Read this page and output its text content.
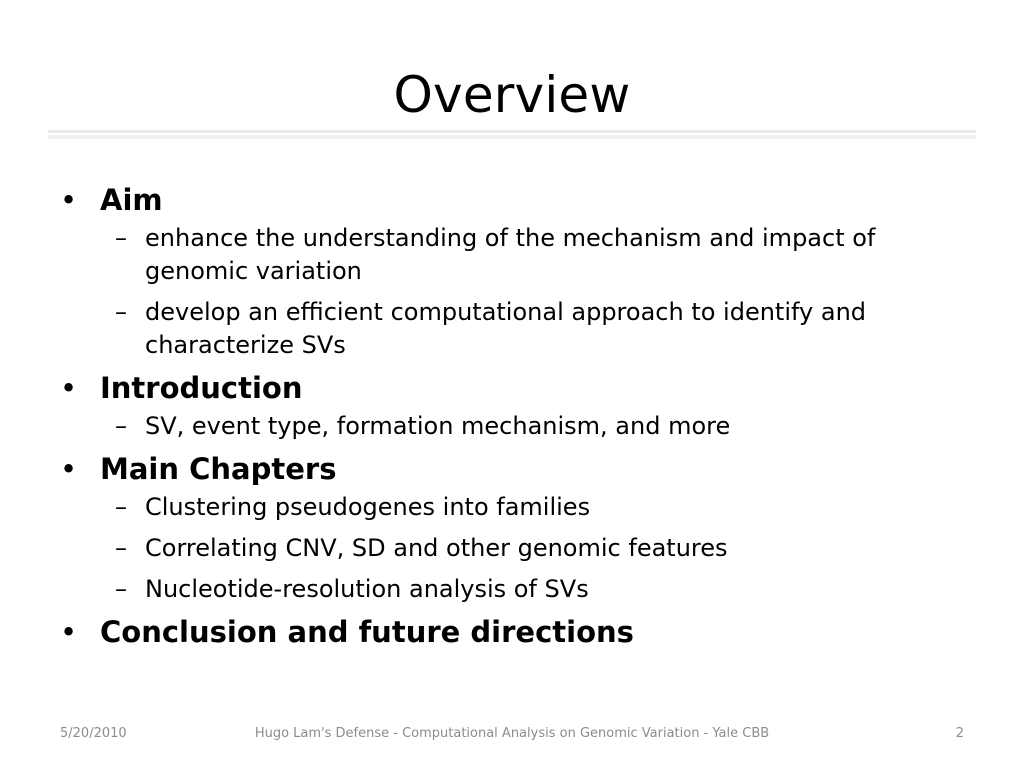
Overview
• Aim
– enhance the understanding of the mechanism and impact of genomic variation
– develop an efficient computational approach to identify and characterize SVs
• Introduction
– SV, event type, formation mechanism, and more
• Main Chapters
– Clustering pseudogenes into families
– Correlating CNV, SD and other genomic features
– Nucleotide-resolution analysis of SVs
• Conclusion and future directions
5/20/2010	Hugo Lam's Defense - Computational Analysis on Genomic Variation - Yale CBB	2
